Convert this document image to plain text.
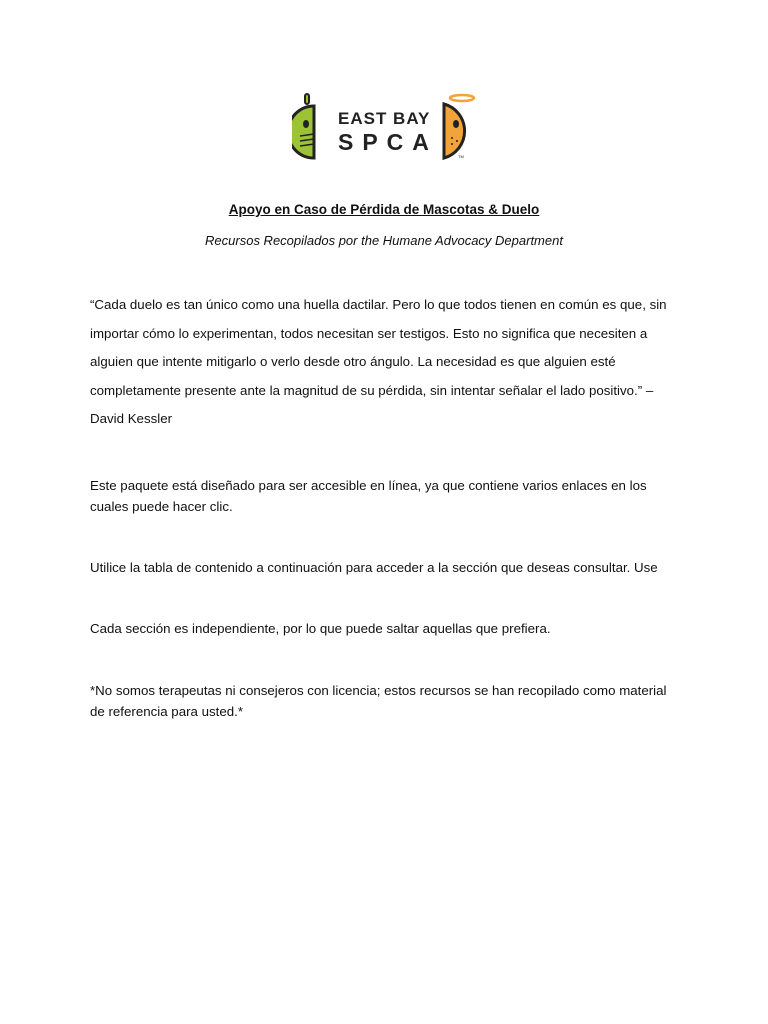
EAST BAY
SPCA
TM
Apoyo en Caso de Pérdida de Mascotas & Duelo
Recursos Recopilados por the Humane Advocacy Department

“Cada duelo es tan único como una huella dactilar. Pero lo que todos tienen en común es que, sin importar cómo lo experimentan, todos necesitan ser testigos. Esto no significa que necesiten a alguien que intente mitigarlo o verlo desde otro ángulo. La necesidad es que alguien esté completamente presente ante la magnitud de su pérdida, sin intentar señalar el lado positivo.” – David Kessler

Este paquete está diseñado para ser accesible en línea, ya que contiene varios enlaces en los cuales puede hacer clic.

Utilice la tabla de contenido a continuación para acceder a la sección que deseas consultar. Use

Cada sección es independiente, por lo que puede saltar aquellas que prefiera.

*No somos terapeutas ni consejeros con licencia; estos recursos se han recopilado como material de referencia para usted.*
